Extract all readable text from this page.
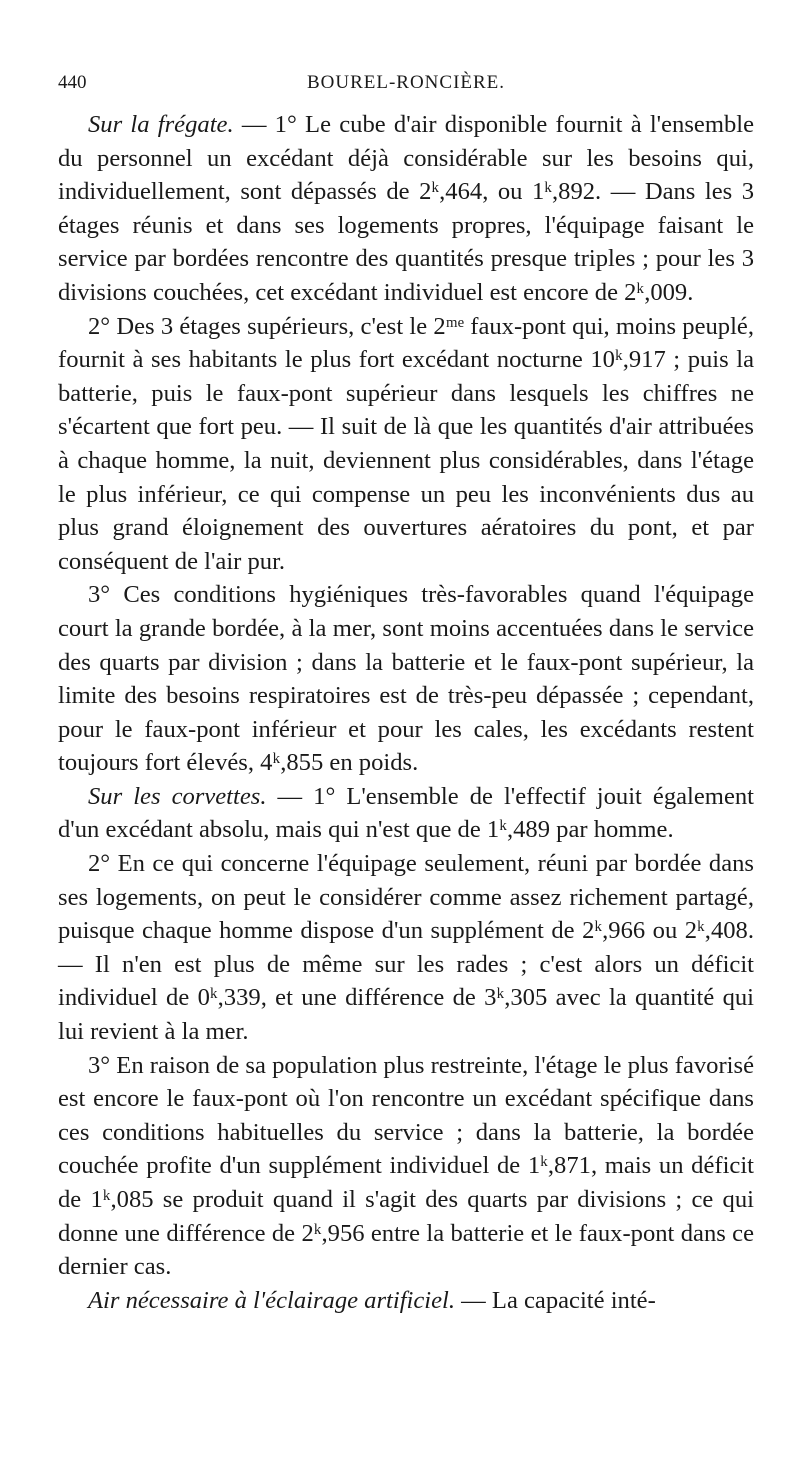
440	BOUREL-RONCIÈRE.

Sur la frégate. — 1° Le cube d'air disponible fournit à l'ensemble du personnel un excédant déjà considérable sur les besoins qui, individuellement, sont dépassés de 2ᵏ,464, ou 1ᵏ,892. — Dans les 3 étages réunis et dans ses logements propres, l'équipage faisant le service par bordées rencontre des quantités presque triples ; pour les 3 divisions couchées, cet excédant individuel est encore de 2ᵏ,009.

2° Des 3 étages supérieurs, c'est le 2ᵐᵉ faux-pont qui, moins peuplé, fournit à ses habitants le plus fort excédant nocturne 10ᵏ,917 ; puis la batterie, puis le faux-pont supérieur dans lesquels les chiffres ne s'écartent que fort peu. — Il suit de là que les quantités d'air attribuées à chaque homme, la nuit, deviennent plus considérables, dans l'étage le plus inférieur, ce qui compense un peu les inconvénients dus au plus grand éloignement des ouvertures aératoires du pont, et par conséquent de l'air pur.

3° Ces conditions hygiéniques très-favorables quand l'équipage court la grande bordée, à la mer, sont moins accentuées dans le service des quarts par division ; dans la batterie et le faux-pont supérieur, la limite des besoins respiratoires est de très-peu dépassée ; cependant, pour le faux-pont inférieur et pour les cales, les excédants restent toujours fort élevés, 4ᵏ,855 en poids.

Sur les corvettes. — 1° L'ensemble de l'effectif jouit également d'un excédant absolu, mais qui n'est que de 1ᵏ,489 par homme.

2° En ce qui concerne l'équipage seulement, réuni par bordée dans ses logements, on peut le considérer comme assez richement partagé, puisque chaque homme dispose d'un supplément de 2ᵏ,966 ou 2ᵏ,408. — Il n'en est plus de même sur les rades ; c'est alors un déficit individuel de 0ᵏ,339, et une différence de 3ᵏ,305 avec la quantité qui lui revient à la mer.

3° En raison de sa population plus restreinte, l'étage le plus favorisé est encore le faux-pont où l'on rencontre un excédant spécifique dans ces conditions habituelles du service ; dans la batterie, la bordée couchée profite d'un supplément individuel de 1ᵏ,871, mais un déficit de 1ᵏ,085 se produit quand il s'agit des quarts par divisions ; ce qui donne une différence de 2ᵏ,956 entre la batterie et le faux-pont dans ce dernier cas.

Air nécessaire à l'éclairage artificiel. — La capacité inté-
